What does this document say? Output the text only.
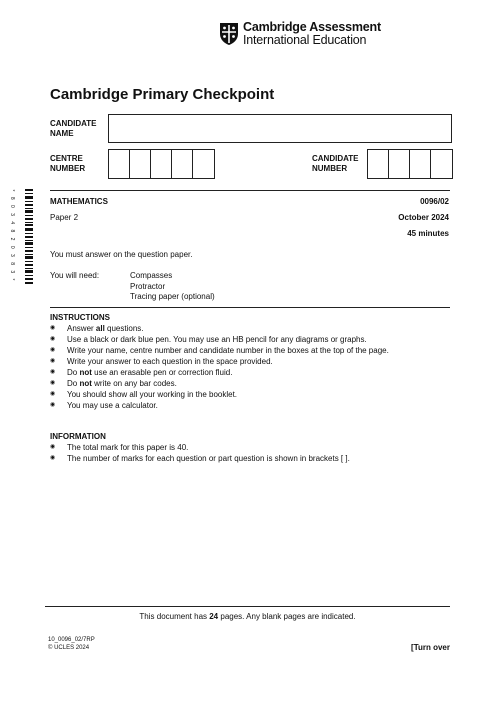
Cambridge Assessment
International Education
Cambridge Primary Checkpoint
CANDIDATE
NAME
CENTRE
NUMBER
CANDIDATE
NUMBER
* 8 0 3 4 8 2 0 3 8 3 *	MATHEMATICS	0096/02
Paper 2	October 2024
45 minutes
You must answer on the question paper.
You will need:	Compasses
Protractor
Tracing paper (optional)
INSTRUCTIONS
◉ Answer all questions.
◉ Use a black or dark blue pen. You may use an HB pencil for any diagrams or graphs.
◉ Write your name, centre number and candidate number in the boxes at the top of the page.
◉ Write your answer to each question in the space provided.
◉ Do not use an erasable pen or correction fluid.
◉ Do not write on any bar codes.
◉ You should show all your working in the booklet.
◉ You may use a calculator.
INFORMATION
◉ The total mark for this paper is 40.
◉ The number of marks for each question or part question is shown in brackets [ ].
This document has 24 pages. Any blank pages are indicated.
10_0096_02/7RP
© UCLES 2024	[Turn over
